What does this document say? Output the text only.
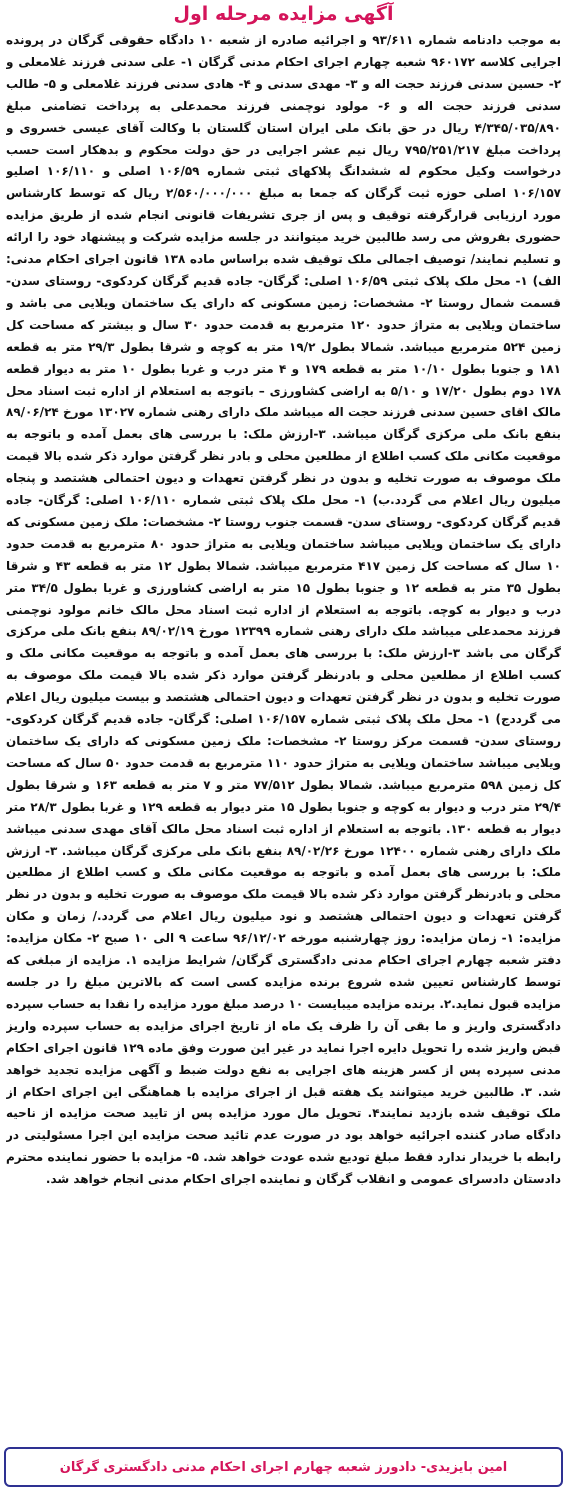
آگهی مزایده مرحله اول
به موجب دادنامه شماره ۹۳/۶۱۱ و اجرائیه صادره از شعبه ۱۰ دادگاه حقوقی گرگان در پرونده اجرایی کلاسه ۹۶۰۱۷۲ شعبه چهارم اجرای احکام مدنی گرگان ۱- علی سدنی فرزند غلامعلی و ۲- حسین سدنی فرزند حجت اله و ۳- مهدی سدنی و ۴- هادی سدنی فرزند غلامعلی و ۵- طالب سدنی فرزند حجت اله و ۶- مولود نوچمنی فرزند محمدعلی به پرداخت تضامنی مبلغ ۴/۳۴۵/۰۳۵/۸۹۰ ریال در حق بانک ملی ایران استان گلستان با وکالت آقای عیسی خسروی و پرداخت مبلغ ۷۹۵/۲۵۱/۲۱۷ ریال نیم عشر اجرایی در حق دولت محکوم و بدهکار است حسب درخواست وکیل محکوم له ششدانگ پلاکهای ثبتی شماره ۱۰۶/۵۹ اصلی و ۱۰۶/۱۱۰ اصلیو ۱۰۶/۱۵۷ اصلی حوزه ثبت گرگان که جمعا به مبلغ ۲/۵۶۰/۰۰۰/۰۰۰ ریال که توسط کارشناس مورد ارزیابی قرارگرفته توقیف و پس از جری تشریفات قانونی انجام شده از طریق مزایده حضوری بفروش می رسد طالبین خرید میتوانند در جلسه مزایده شرکت و پیشنهاد خود را ارائه و تسلیم نمایند/ توصیف اجمالی ملک توقیف شده براساس ماده ۱۳۸ قانون اجرای احکام مدنی: الف) ۱- محل ملک پلاک ثبتی ۱۰۶/۵۹ اصلی: گرگان- جاده قدیم گرگان کردکوی- روستای سدن- قسمت شمال روستا ۲- مشخصات: زمین مسکونی که دارای یک ساختمان ویلایی می باشد و ساختمان ویلایی به متراژ حدود ۱۲۰ مترمربع به قدمت حدود ۳۰ سال و بیشتر که مساحت کل زمین ۵۲۴ مترمربع میباشد. شمالا بطول ۱۹/۲ متر به کوچه و شرقا بطول ۲۹/۳ متر به قطعه ۱۸۱ و جنوبا بطول ۱۰/۱۰ متر به قطعه ۱۷۹ و ۴ متر درب و غربا بطول ۱۰ متر به دیوار قطعه ۱۷۸ دوم بطول ۱۷/۲۰ و ۵/۱۰ به اراضی کشاورزی – باتوجه به استعلام از اداره ثبت اسناد محل مالک اقای حسین سدنی فرزند حجت اله میباشد ملک دارای رهنی شماره ۱۳۰۲۷ مورخ ۸۹/۰۶/۲۴ بنفع بانک ملی مرکزی گرگان میباشد. ۳-ارزش ملک: با بررسی های بعمل آمده و باتوجه به موقعیت مکانی ملک کسب اطلاع از مطلعین محلی و بادر نظر گرفتن موارد ذکر شده بالا قیمت ملک موصوف به صورت تخلیه و بدون در نظر گرفتن تعهدات و دیون احتمالی هشتصد و پنجاه میلیون ریال اعلام می گردد.ب) ۱- محل ملک پلاک ثبتی شماره ۱۰۶/۱۱۰ اصلی: گرگان- جاده قدیم گرگان کردکوی- روستای سدن- قسمت جنوب روستا ۲- مشخصات: ملک زمین مسکونی که دارای یک ساختمان ویلایی میباشد ساختمان ویلایی به متراژ حدود ۸۰ مترمربع به قدمت حدود ۱۰ سال که مساحت کل زمین ۴۱۷ مترمربع میباشد. شمالا بطول ۱۲ متر به قطعه ۴۳ و شرقا بطول ۳۵ متر به قطعه ۱۲ و جنوبا بطول ۱۵ متر به اراضی کشاورزی و غربا بطول ۳۴/۵ متر درب و دیوار به کوچه. باتوجه به استعلام از اداره ثبت اسناد محل مالک خانم مولود نوچمنی فرزند محمدعلی میباشد ملک دارای رهنی شماره ۱۲۳۹۹ مورخ ۸۹/۰۲/۱۹ بنفع بانک ملی مرکزی گرگان می باشد ۳-ارزش ملک: با بررسی های بعمل آمده و باتوجه به موقعیت مکانی ملک و کسب اطلاع از مطلعین محلی و بادرنظر گرفتن موارد ذکر شده بالا قیمت ملک موصوف به صورت تخلیه و بدون در نظر گرفتن تعهدات و دیون احتمالی هشتصد و بیست میلیون ریال اعلام می گرددج) ۱- محل ملک پلاک ثبتی شماره ۱۰۶/۱۵۷ اصلی: گرگان- جاده قدیم گرگان کردکوی- روستای سدن- قسمت مرکز روستا ۲- مشخصات: ملک زمین مسکونی که دارای یک ساختمان ویلایی میباشد ساختمان ویلایی به متراژ حدود ۱۱۰ مترمربع به قدمت حدود ۵۰ سال که مساحت کل زمین ۵۹۸ مترمربع میباشد. شمالا بطول ۷۷/۵۱۲ متر و ۷ متر به قطعه ۱۶۳ و شرقا بطول ۲۹/۴ متر درب و دیوار به کوچه و جنوبا بطول ۱۵ متر دیوار به قطعه ۱۲۹ و غربا بطول ۲۸/۳ متر دیوار به قطعه ۱۳۰. باتوجه به استعلام از اداره ثبت اسناد محل مالک آقای مهدی سدنی میباشد ملک دارای رهنی شماره ۱۲۴۰۰ مورخ ۸۹/۰۲/۲۶ بنفع بانک ملی مرکزی گرگان میباشد. ۳- ارزش ملک: با بررسی های بعمل آمده و باتوجه به موقعیت مکانی ملک و کسب اطلاع از مطلعین محلی و بادرنظر گرفتن موارد ذکر شده بالا قیمت ملک موصوف به صورت تخلیه و بدون در نظر گرفتن تعهدات و دیون احتمالی هشتصد و نود میلیون ریال اعلام می گردد./ زمان و مکان مزایده: ۱- زمان مزایده: روز چهارشنبه مورخه ۹۶/۱۲/۰۲ ساعت ۹ الی ۱۰ صبح ۲- مکان مزایده: دفتر شعبه چهارم اجرای احکام مدنی دادگستری گرگان/ شرایط مزایده ۱. مزایده از مبلغی که توسط کارشناس تعیین شده شروع برنده مزایده کسی است که بالاترین مبلغ را در جلسه مزایده قبول نماید.۲. برنده مزایده میبایست ۱۰ درصد مبلغ مورد مزایده را نقدا به حساب سپرده دادگستری واریز و ما بقی آن را ظرف یک ماه از تاریخ اجرای مزایده به حساب سپرده واریز قبض واریز شده را تحویل دایره اجرا نماید در غیر این صورت وفق ماده ۱۲۹ قانون اجرای احکام مدنی سپرده پس از کسر هزینه های اجرایی به نفع دولت ضبط و آگهی مزایده تجدید خواهد شد. ۳. طالبین خرید میتوانند یک هفته قبل از اجرای مزایده با هماهنگی این اجرای احکام از ملک توقیف شده بازدید نمایند۴. تحویل مال مورد مزایده پس از تایید صحت مزایده از ناحیه دادگاه صادر کننده اجرائیه خواهد بود در صورت عدم تائید صحت مزایده این اجرا مسئولیتی در رابطه با خریدار ندارد فقط مبلغ تودیع شده عودت خواهد شد. ۵- مزایده با حضور نماینده محترم دادستان دادسرای عمومی و انقلاب گرگان و نماینده اجرای احکام مدنی انجام خواهد شد.
امین بایزیدی- دادورز شعبه چهارم اجرای احکام مدنی دادگستری گرگان
